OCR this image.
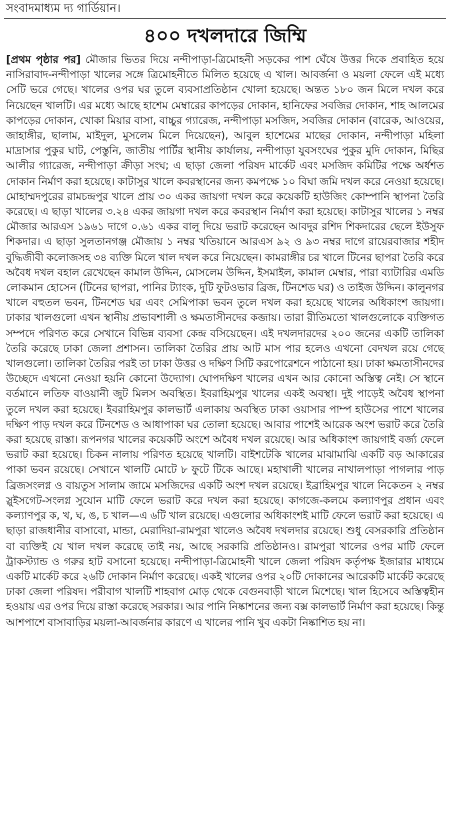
সংবাদমাধ্যম দ্য গার্ডিয়ান।
৪০০ দখলদারে জিম্মি

[প্রথম পৃষ্ঠার পর] মৌজার ভিতর দিয়ে নন্দীপাড়া-ত্রিমোহনী সড়কের পাশ ঘেঁষে উত্তর দিকে প্রবাহিত হয়ে নাসিরাবাদ-নন্দীপাড়া খালের সঙ্গে ত্রিমোহনীতে মিলিত হয়েছে এ খাল। আবর্জনা ও ময়লা ফেলে এই মধ্যে সেটি ভরে গেছে। খালের ওপর ঘর তুলে ব্যবসাপ্রতিষ্ঠান খোলা হয়েছে। অন্তত ১৮০ জন মিলে দখল করে নিয়েছেন খালটি। এর মধ্যে আছে হাশেম মেম্বারের কাপড়ের দোকান, হানিফের সবজির দোকান, শাহ আলমের কাপড়ের দোকান, খোকা মিয়ার বাসা, বাচ্চুর গ্যারেজ, নন্দীপাড়া মসজিদ, সবজির দোকান (বারেক, আওয়ের, জাহাঙ্গীর, ছালাম, মাইদুল, মুসলেম মিলে দিয়েছেন), আবুল হাশেমের মাছের দোকান, নন্দীপাড়া মহিলা মাদ্রাসার পুকুর ঘাট, পেস্তুনি, জাতীয় পার্টির স্থানীয় কার্যালয়, নন্দীপাড়া যুবসংঘের পুকুর মুদি দোকান, মিছির আলীর গ্যারেজ, নন্দীপাড়া ক্রীড়া সংঘ; এ ছাড়া জেলা পরিষদ মার্কেট এবং মসজিদ কমিটির পক্ষে অর্ধশত দোকান নির্মাণ করা হয়েছে। কাটাসুর খালে কবরস্থানের জন্য কমপক্ষে ১০ বিঘা জমি দখল করে নেওয়া হয়েছে। মোহাম্মদপুরের রামচন্দ্রপুর খালে প্রায় ৩০ একর জায়গা দখল করে কয়েকটি হাউজিং কোম্পানি স্থাপনা তৈরি করেছে। এ ছাড়া খালের ৩.২৪ একর জায়গা দখল করে কবরস্থান নির্মাণ করা হয়েছে। কাটাসুর খালের ১ নম্বর মৌজার আরএস ১৯৬১ দাগে ০.৬১ একর বালু দিয়ে ভরাট করেছেন আবদুর রশিদ শিকদারের ছেলে ইউসুফ শিকদার। এ ছাড়া সুলতানগঞ্জ মৌজায় ১ নম্বর খতিয়ানে আরএস ৯২ ও ৯৩ নম্বর দাগে রায়েরবাজার শহীদ বুদ্ধিজীবী কলোজসহ ৩৪ ব্যক্তি মিলে খাল দখল করে নিয়েছেন। কামরাঙ্গীর চর খালে টিনের ছাপরা তৈরি করে অবৈধ দখল বহাল রেখেছেন কামাল উদ্দিন, মোসলেম উদ্দিন, ইসমাইল, কামাল মেম্বার, পারা ব্যাটারির এমডি লোকমান হোসেন (টিনের ছাপরা, পানির ট্যাংক, দুটি ফুটওভার ব্রিজ, টিনশেড ঘর) ও তাইজ উদ্দিন। কালুনগর খালে বহুতল ভবন, টিনশেড ঘর এবং সেমিপাকা ভবন তুলে দখল করা হয়েছে খালের অধিকাংশ জায়গা। ঢাকার খালগুলো এখন স্থানীয় প্রভাবশালী ও ক্ষমতাসীনদের কব্জায়। তারা রীতিমতো খালগুলোকে ব্যক্তিগত সম্পদে পরিণত করে সেখানে বিভিন্ন ব্যবসা কেন্দ্র বসিয়েছেন। এই দখলদারদের ২০০ জনের একটি তালিকা তৈরি করেছে ঢাকা জেলা প্রশাসন। তালিকা তৈরির প্রায় আট মাস পার হলেও এখনো বেদখল রয়ে গেছে খালগুলো। তালিকা তৈরির পরই তা ঢাকা উত্তর ও দক্ষিণ সিটি করপোরেশনে পাঠানো হয়। ঢাকা ক্ষমতাসীনদের উচ্ছেদে এখনো নেওয়া হয়নি কোনো উদ্যোগ। ঘোপদক্ষিণ খালের এখন আর কোনো অস্তিত্ব নেই। সে স্থানে বর্তমানে লতিফ বাওয়ানী জুট মিলস অবস্থিত। ইবরাহিমপুর খালের একই অবস্থা। দুই পাড়েই অবৈধ স্থাপনা তুলে দখল করা হয়েছে। ইবরাহিমপুর কালভার্ট এলাকায় অবস্থিত ঢাকা ওয়াসার পাম্প হাউসের পাশে খালের দক্ষিণ পাড় দখল করে টিনশেড ও আধাপাকা ঘর তোলা হয়েছে। আবার পাশেই আরেক অংশ ভরাট করে তৈরি করা হয়েছে রাস্তা। রূপনগর খালের কয়েকটি অংশে অবৈধ দখল রয়েছে। আর অধিকাংশ জায়গাই বর্জ্য ফেলে ভরাট করা হয়েছে। চিকন নালায় পরিণত হয়েছে খালটি। বাইশটেকি খালের মাঝামাঝি একটি বড় আকারের পাকা ভবন রয়েছে। সেখানে খালটি মোটে ৮ ফুটে টিকে আছে। মহাখালী খালের নাখালপাড়া পাগলার পাড় ব্রিজসংলগ্ন ও বায়তুস সালাম জামে মসজিদের একটি অংশ দখল রয়েছে। ইব্রাহিমপুর খালে নিকেতন ২ নম্বর স্লুইসগেট-সংলগ্ন সুযোন মাটি ফেলে ভরাট করে দখল করা হয়েছে। কাগজে-কলমে কল্যাণপুর প্রধান এবং কল্যাণপুর ক, খ, ঘ, ঙ, চ খাল—এ ৬টি খাল রয়েছে। এগুলোর অধিকাংশই মাটি ফেলে ভরাট করা হয়েছে। এ ছাড়া রাজধানীর বাসাবো, মান্ডা, মেরাদিয়া-রামপুরা খালেও অবৈধ দখলদার রয়েছে। শুধু বেসরকারি প্রতিষ্ঠান বা ব্যক্তিই যে খাল দখল করেছে তাই নয়, আছে সরকারি প্রতিষ্ঠানও। রামপুরা খালের ওপর মাটি ফেলে ট্রাকস্ট্যান্ড ও গরুর হাট বসানো হয়েছে। নন্দীপাড়া-ত্রিমোহনী খালে জেলা পরিষদ কর্তৃপক্ষ ইজারার মাধ্যমে একটি মার্কেট করে ২৬টি দোকান নির্মাণ করেছে। একই খালের ওপর ২০টি দোকানের আরেকটি মার্কেট করেছে ঢাকা জেলা পরিষদ। পরীবাগ খালটি শাহবাগ মোড় থেকে বেগুনবাড়ী খালে মিশেছে। খাল হিসেবে অস্তিত্বহীন হওয়ায় এর ওপর দিয়ে রাস্তা করেছে সরকার। আর পানি নিষ্কাশনের জন্য বক্স কালভার্ট নির্মাণ করা হয়েছে। কিন্তু আশপাশে বাসাবাড়ির ময়লা-আবর্জনার কারণে এ খালের পানি খুব একটা নিষ্কাশিত হয় না।
